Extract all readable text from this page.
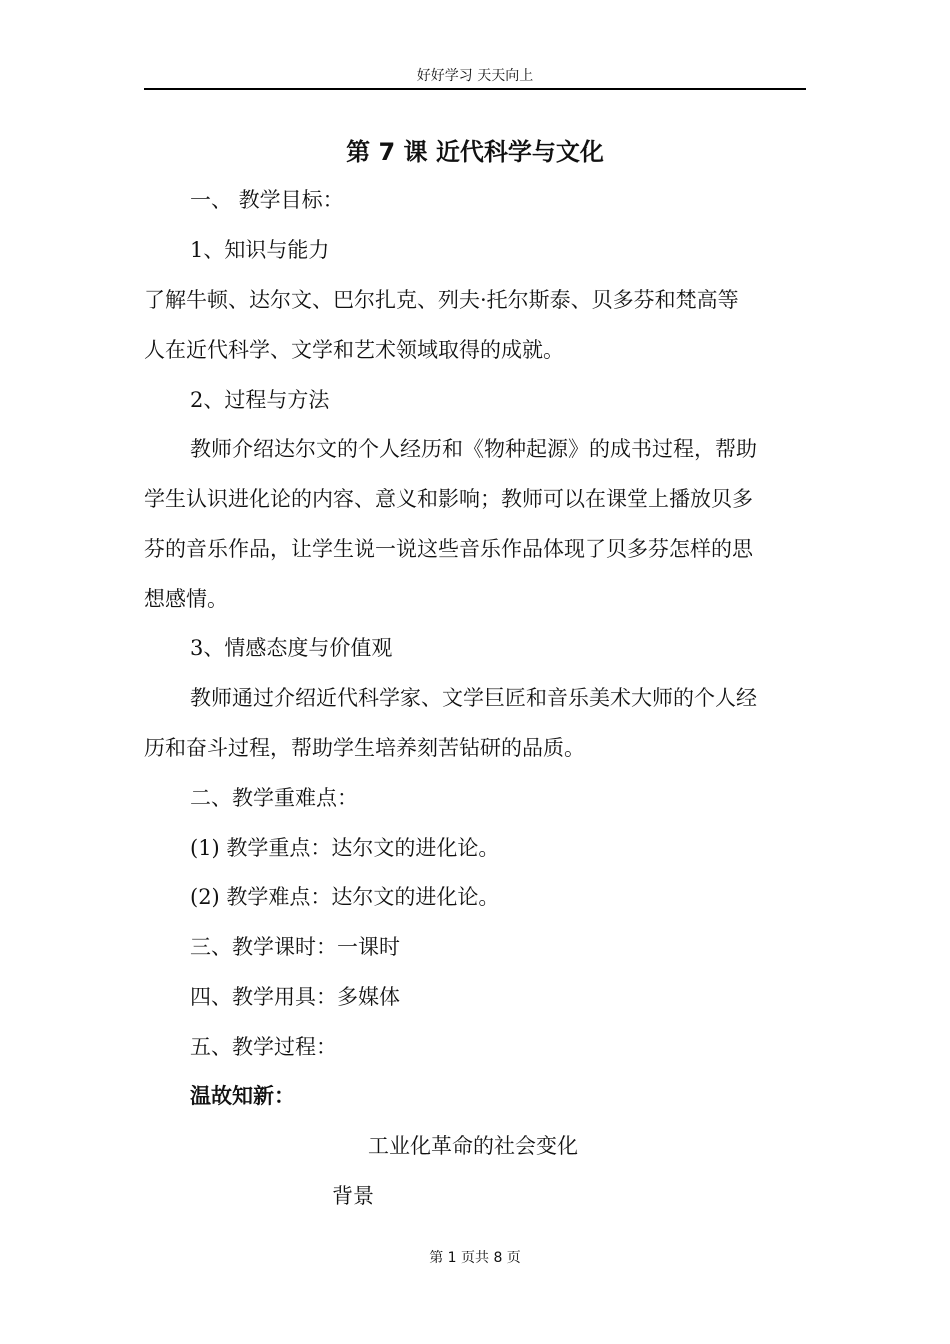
好好学习 天天向上
第 7 课 近代科学与文化
一、 教学目标：
1、知识与能力
了解牛顿、达尔文、巴尔扎克、列夫·托尔斯泰、贝多芬和梵高等
人在近代科学、文学和艺术领域取得的成就。
2、过程与方法
教师介绍达尔文的个人经历和《物种起源》的成书过程，帮助
学生认识进化论的内容、意义和影响；教师可以在课堂上播放贝多
芬的音乐作品，让学生说一说这些音乐作品体现了贝多芬怎样的思
想感情。
3、情感态度与价值观
教师通过介绍近代科学家、文学巨匠和音乐美术大师的个人经
历和奋斗过程，帮助学生培养刻苦钻研的品质。
二、教学重难点：
(1) 教学重点：达尔文的进化论。
(2) 教学难点：达尔文的进化论。
三、教学课时：一课时
四、教学用具：多媒体
五、教学过程：
温故知新：
工业化革命的社会变化
背景
第 1 页共 8 页
